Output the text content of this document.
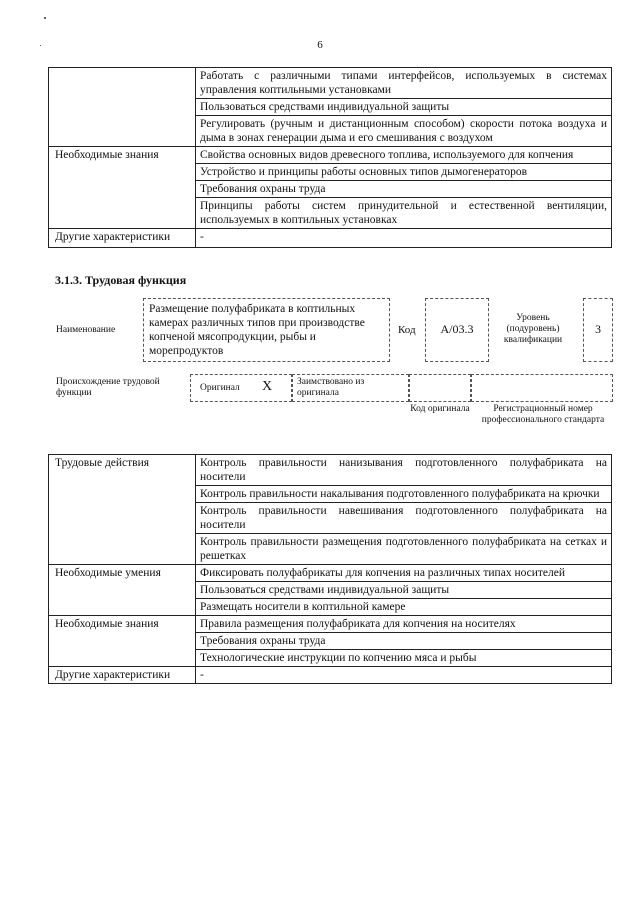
6
	Работать с различными типами интерфейсов, используемых в системах управления коптильными установками
	Пользоваться средствами индивидуальной защиты
	Регулировать (ручным и дистанционным способом) скорости потока воздуха и дыма в зонах генерации дыма и его смешивания с воздухом
Необходимые знания	Свойства основных видов древесного топлива, используемого для копчения
	Устройство и принципы работы основных типов дымогенераторов
	Требования охраны труда
	Принципы работы систем принудительной и естественной вентиляции, используемых в коптильных установках
Другие характеристики	-
3.1.3. Трудовая функция
Наименование
Размещение полуфабриката в коптильных камерах различных типов при производстве копченой мясопродукции, рыбы и морепродуктов
Код	А/03.3
Уровень (подуровень) квалификации
3
Происхождение трудовой функции	Оригинал X	Заимствовано из оригинала
Код оригинала	Регистрационный номер профессионального стандарта
Трудовые действия	Контроль правильности нанизывания подготовленного полуфабриката на носители
	Контроль правильности накалывания подготовленного полуфабриката на крючки
	Контроль правильности навешивания подготовленного полуфабриката на носители
	Контроль правильности размещения подготовленного полуфабриката на сетках и решетках
Необходимые умения	Фиксировать полуфабрикаты для копчения на различных типах носителей
	Пользоваться средствами индивидуальной защиты
	Размещать носители в коптильной камере
Необходимые знания	Правила размещения полуфабриката для копчения на носителях
	Требования охраны труда
	Технологические инструкции по копчению мяса и рыбы
Другие характеристики	-
